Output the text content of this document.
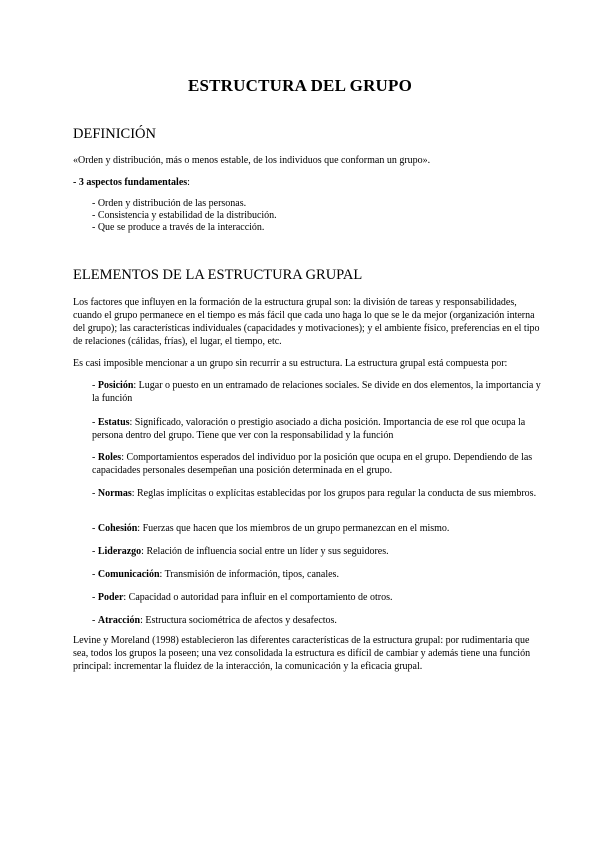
ESTRUCTURA DEL GRUPO
DEFINICIÓN
«Orden y distribución, más o menos estable, de los individuos que conforman un grupo».
- 3 aspectos fundamentales:
- Orden y distribución de las personas.
- Consistencia y estabilidad de la distribución.
- Que se produce a través de la interacción.
ELEMENTOS DE LA ESTRUCTURA GRUPAL
Los factores que influyen en la formación de la estructura grupal son: la división de tareas y responsabilidades, cuando el grupo permanece en el tiempo es más fácil que cada uno haga lo que se le da mejor (organización interna del grupo); las características individuales (capacidades y motivaciones); y el ambiente físico, preferencias en el tipo de relaciones (cálidas, frías), el lugar, el tiempo, etc.
Es casi imposible mencionar a un grupo sin recurrir a su estructura. La estructura grupal está compuesta por:
- Posición: Lugar o puesto en un entramado de relaciones sociales. Se divide en dos elementos, la importancia y la función
- Estatus: Significado, valoración o prestigio asociado a dicha posición. Importancia de ese rol que ocupa la persona dentro del grupo. Tiene que ver con la responsabilidad y la función
- Roles: Comportamientos esperados del individuo por la posición que ocupa en el grupo. Dependiendo de las capacidades personales desempeñan una posición determinada en el grupo.
- Normas: Reglas implícitas o explícitas establecidas por los grupos para regular la conducta de sus miembros.
- Cohesión: Fuerzas que hacen que los miembros de un grupo permanezcan en el mismo.
- Liderazgo: Relación de influencia social entre un líder y sus seguidores.
- Comunicación: Transmisión de información, tipos, canales.
- Poder: Capacidad o autoridad para influir en el comportamiento de otros.
- Atracción: Estructura sociométrica de afectos y desafectos.
Levine y Moreland (1998) establecieron las diferentes características de la estructura grupal: por rudimentaria que sea, todos los grupos la poseen; una vez consolidada la estructura es difícil de cambiar y además tiene una función principal: incrementar la fluidez de la interacción, la comunicación y la eficacia grupal.
